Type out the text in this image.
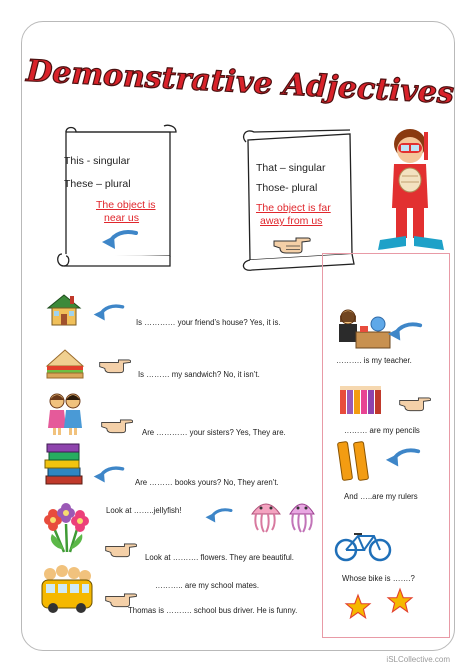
Demonstrative Adjectives
This - singular
These – plural
The object is
near us
That – singular
Those- plural
The object is far
away from us
Is ………… your friend’s house? Yes, it is.
Is ……… my sandwich? No, it isn’t.
Are ………… your sisters? Yes, They are.
Are ……… books yours? No, They aren’t.
Look at ……..jellyfish!
Look at ………. flowers. They are beautiful.
……….. are my school mates.
Thomas is ………. school bus driver. He is funny.
………. is my teacher.
……… are my pencils
And …..are my rulers
Whose bike is …….?
iSLCollective.com
